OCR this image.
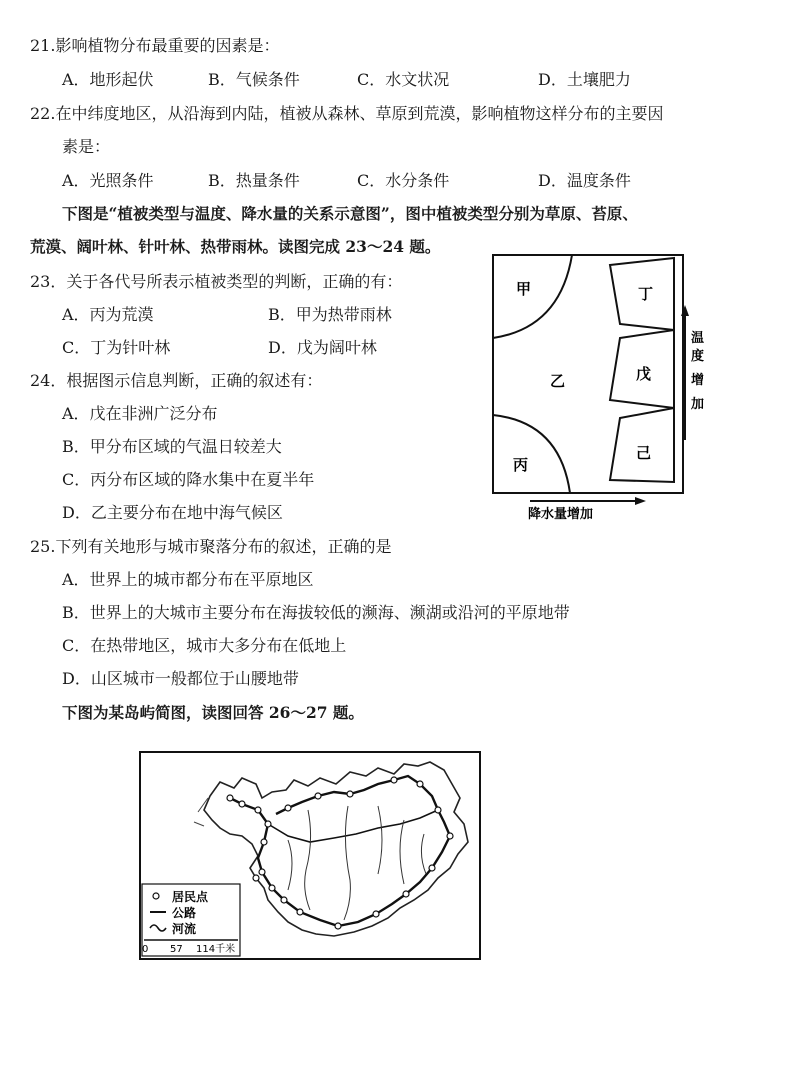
21.影响植物分布最重要的因素是：
A．地形起伏	B．气候条件	C．水文状况	D．土壤肥力
22.在中纬度地区，从沿海到内陆，植被从森林、草原到荒漠，影响植物这样分布的主要因
素是：
A．光照条件	B．热量条件	C．水分条件	D．温度条件
下图是“植被类型与温度、降水量的关系示意图”，图中植被类型分别为草原、苔原、
荒漠、阔叶林、针叶林、热带雨林。读图完成 23～24 题。
23．关于各代号所表示植被类型的判断，正确的有：
A．丙为荒漠	B．甲为热带雨林
C．丁为针叶林	D．戊为阔叶林
24．根据图示信息判断，正确的叙述有：
A．戊在非洲广泛分布
B．甲分布区域的气温日较差大
C．丙分布区域的降水集中在夏半年
D．乙主要分布在地中海气候区
甲
乙
丙
丁
戊
己
温
度
增
加
降水量增加
25.下列有关地形与城市聚落分布的叙述，正确的是
A．世界上的城市都分布在平原地区
B．世界上的大城市主要分布在海拔较低的濒海、濒湖或沿河的平原地带
C．在热带地区，城市大多分布在低地上
D．山区城市一般都位于山腰地带
下图为某岛屿简图，读图回答 26～27 题。
居民点
公路
河流
0 57 114千米
